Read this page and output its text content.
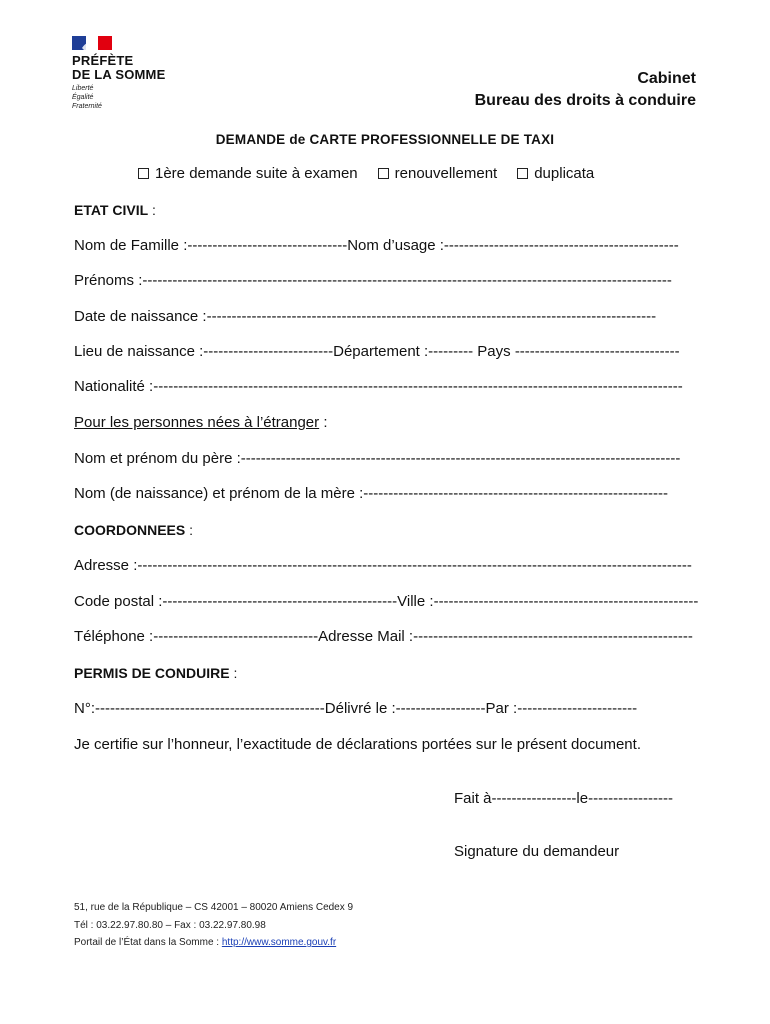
PRÉFÈTE
DE LA SOMME
Liberté
Égalité
Fraternité
Cabinet
Bureau des droits à conduire
DEMANDE de CARTE PROFESSIONNELLE DE TAXI
1ère demande suite à examen renouvellement duplicata
ETAT CIVIL :
Nom de Famille :--------------------------------Nom d’usage :-----------------------------------------------
Prénoms :----------------------------------------------------------------------------------------------------------
Date de naissance :------------------------------------------------------------------------------------------
Lieu de naissance :--------------------------Département :--------- Pays ---------------------------------
Nationalité :----------------------------------------------------------------------------------------------------------
Pour les personnes nées à l’étranger :
Nom et prénom du père :----------------------------------------------------------------------------------------
Nom (de naissance) et prénom de la mère :-------------------------------------------------------------
COORDONNEES :
Adresse :---------------------------------------------------------------------------------------------------------------
Code postal :-----------------------------------------------Ville :-----------------------------------------------------
Téléphone :---------------------------------Adresse Mail :--------------------------------------------------------
PERMIS DE CONDUIRE :
N°:----------------------------------------------Délivré le :------------------Par :------------------------
Je certifie sur l’honneur, l’exactitude de déclarations portées sur le présent document.
Fait à-----------------le-----------------
Signature du demandeur
51, rue de la République – CS 42001 – 80020 Amiens Cedex 9
Tél : 03.22.97.80.80 – Fax : 03.22.97.80.98
Portail de l’État dans la Somme : http://www.somme.gouv.fr
